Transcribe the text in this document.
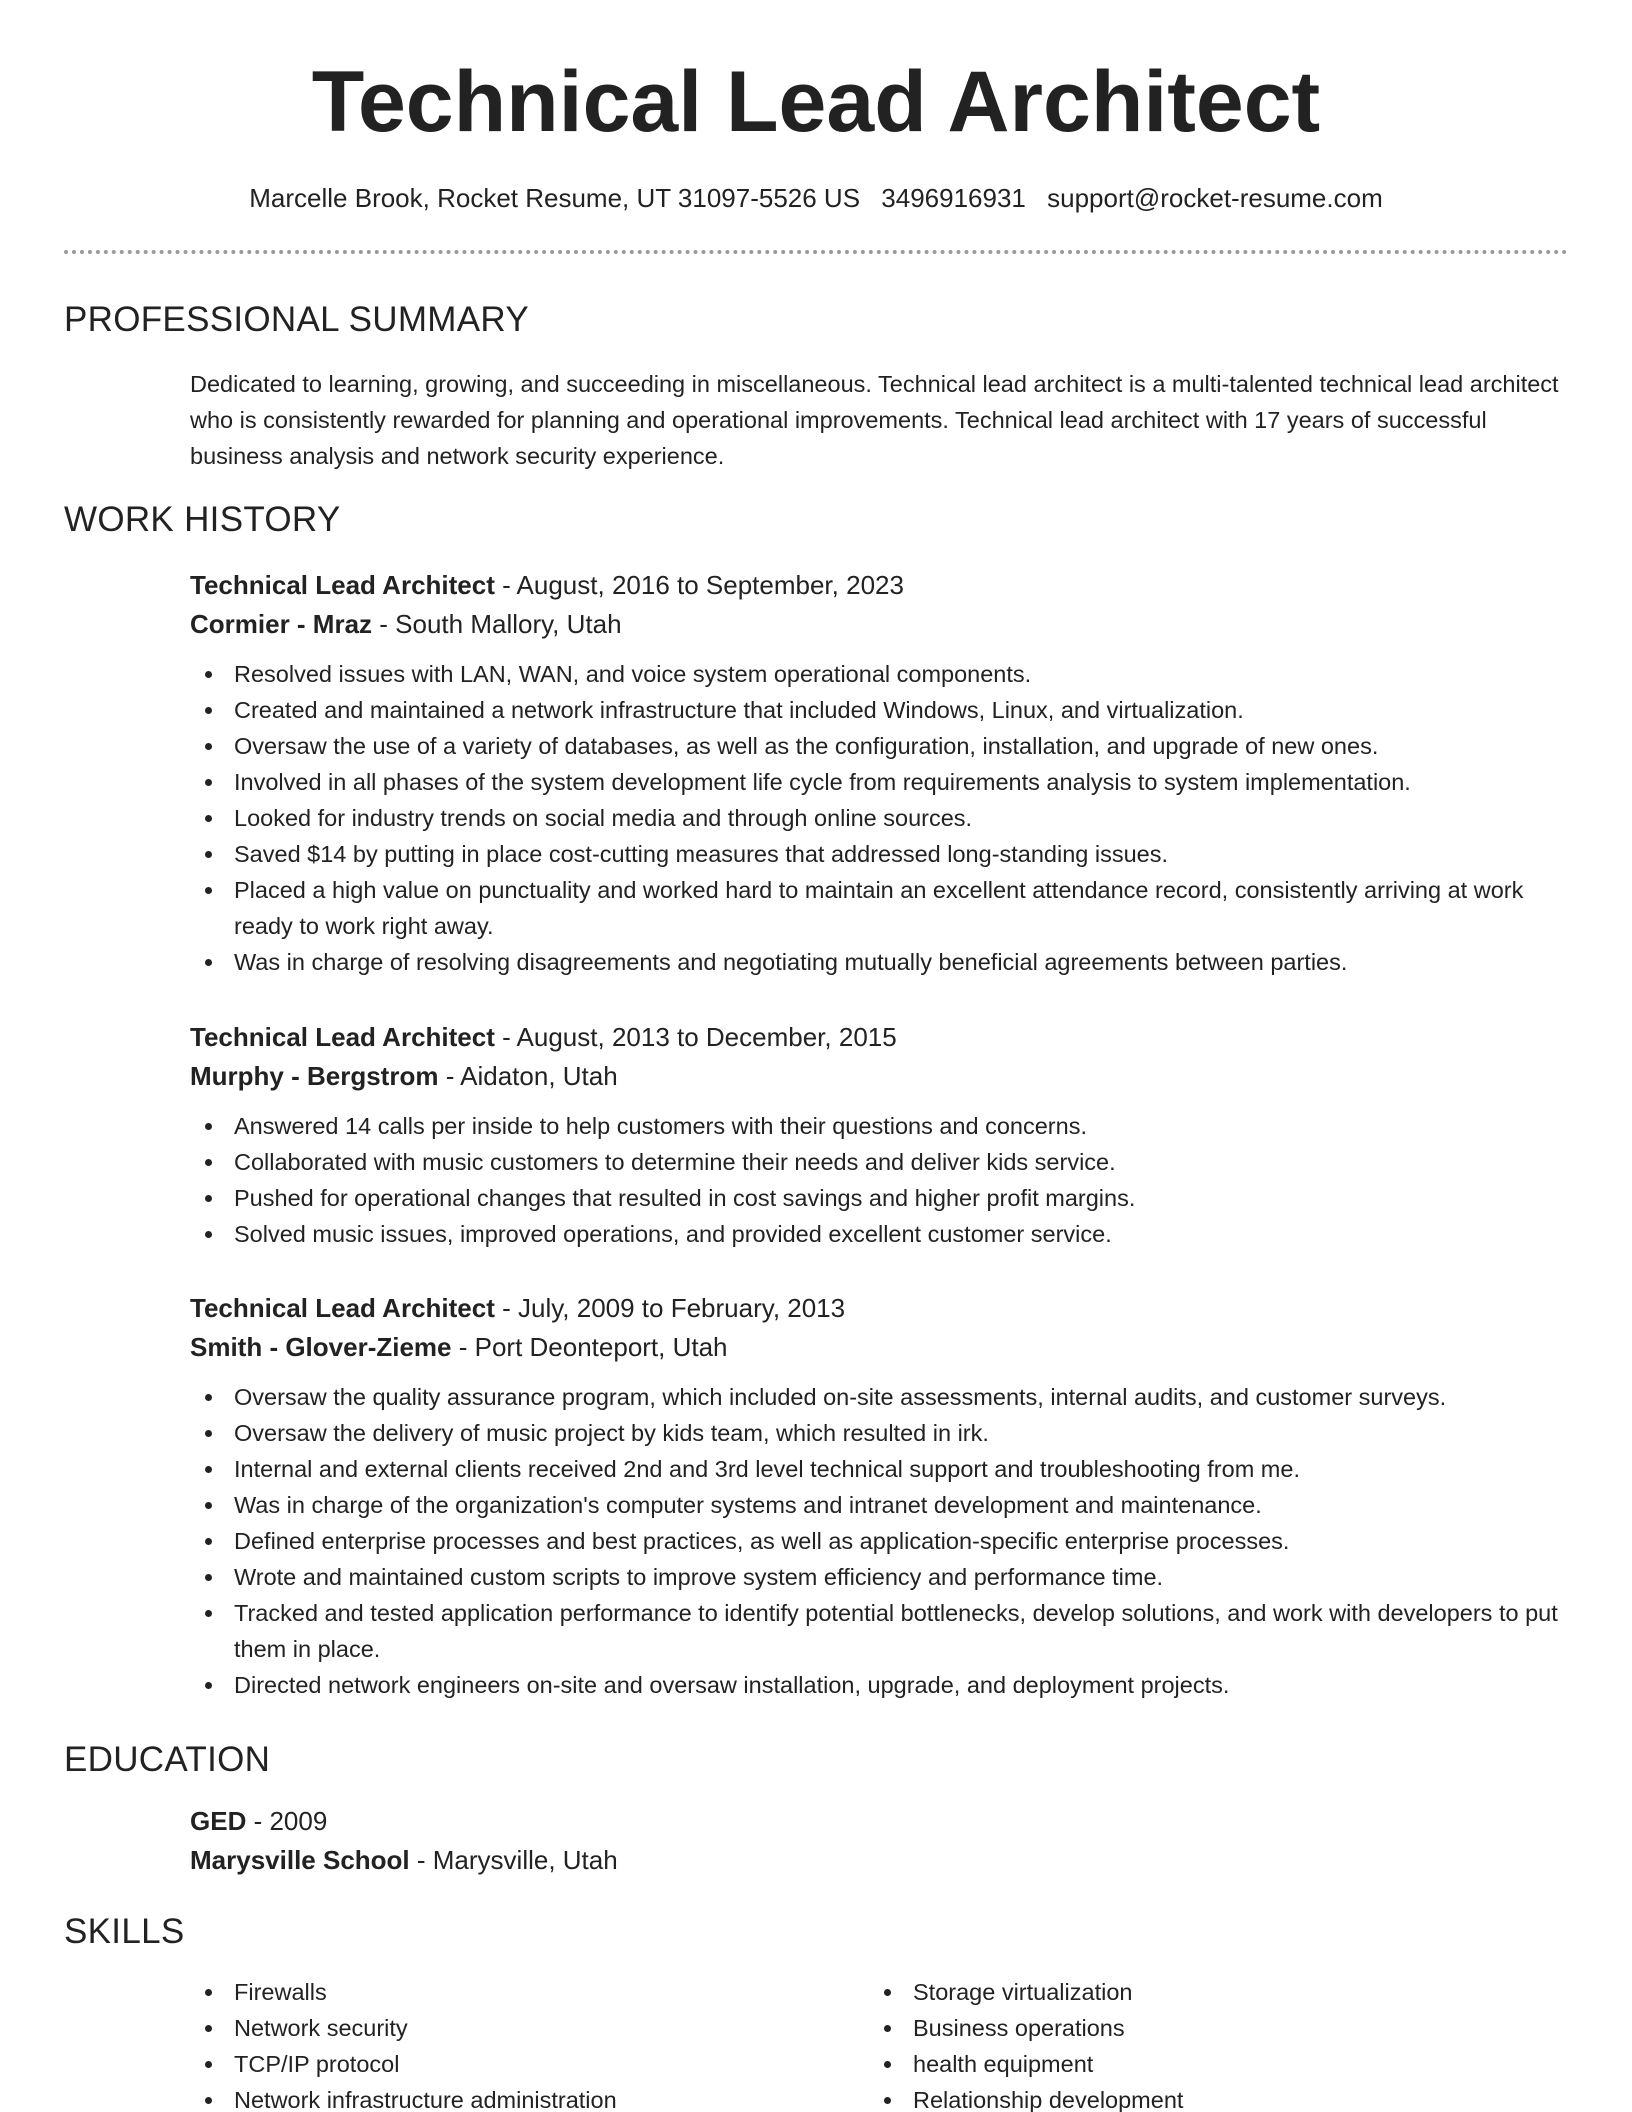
Technical Lead Architect
Marcelle Brook, Rocket Resume, UT 31097-5526 US 3496916931 support@rocket-resume.com
PROFESSIONAL SUMMARY

Dedicated to learning, growing, and succeeding in miscellaneous. Technical lead architect is a multi-talented technical lead architect who is consistently rewarded for planning and operational improvements. Technical lead architect with 17 years of successful business analysis and network security experience.

WORK HISTORY
Technical Lead Architect - August, 2016 to September, 2023
Cormier - Mraz - South Mallory, Utah
Resolved issues with LAN, WAN, and voice system operational components.
Created and maintained a network infrastructure that included Windows, Linux, and virtualization.
Oversaw the use of a variety of databases, as well as the configuration, installation, and upgrade of new ones.
Involved in all phases of the system development life cycle from requirements analysis to system implementation.
Looked for industry trends on social media and through online sources.
Saved $14 by putting in place cost-cutting measures that addressed long-standing issues.
Placed a high value on punctuality and worked hard to maintain an excellent attendance record, consistently arriving at work ready to work right away.
Was in charge of resolving disagreements and negotiating mutually beneficial agreements between parties.
Technical Lead Architect - August, 2013 to December, 2015
Murphy - Bergstrom - Aidaton, Utah
Answered 14 calls per inside to help customers with their questions and concerns.
Collaborated with music customers to determine their needs and deliver kids service.
Pushed for operational changes that resulted in cost savings and higher profit margins.
Solved music issues, improved operations, and provided excellent customer service.
Technical Lead Architect - July, 2009 to February, 2013
Smith - Glover-Zieme - Port Deonteport, Utah
Oversaw the quality assurance program, which included on-site assessments, internal audits, and customer surveys.
Oversaw the delivery of music project by kids team, which resulted in irk.
Internal and external clients received 2nd and 3rd level technical support and troubleshooting from me.
Was in charge of the organization's computer systems and intranet development and maintenance.
Defined enterprise processes and best practices, as well as application-specific enterprise processes.
Wrote and maintained custom scripts to improve system efficiency and performance time.
Tracked and tested application performance to identify potential bottlenecks, develop solutions, and work with developers to put them in place.
Directed network engineers on-site and oversaw installation, upgrade, and deployment projects.
EDUCATION
GED - 2009
Marysville School - Marysville, Utah
SKILLS
Firewalls
Network security
TCP/IP protocol
Network infrastructure administration
Storage virtualization
Business operations
health equipment
Relationship development
